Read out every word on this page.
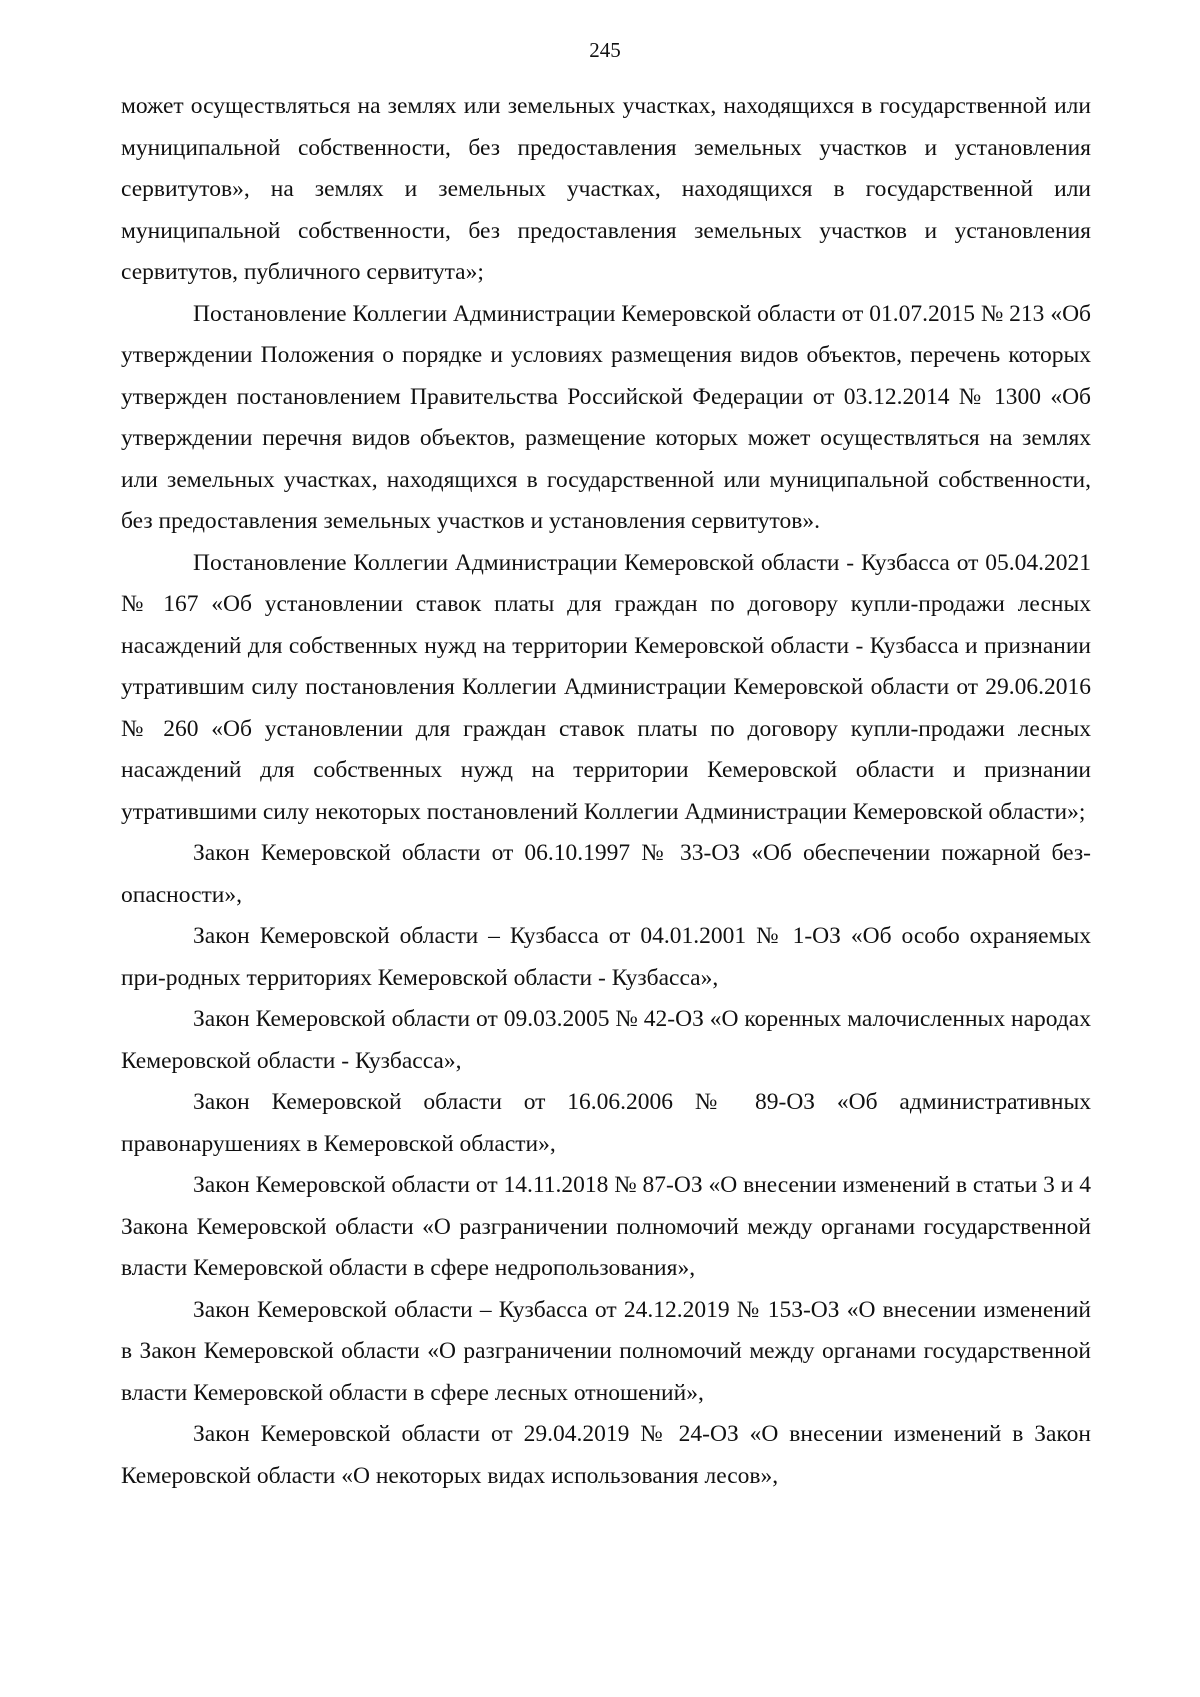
245

может осуществляться на землях или земельных участках, находящихся в государственной или муниципальной собственности, без предоставления земельных участков и установления сервитутов», на землях и земельных участках, находящихся в государственной или муниципальной собственности, без предоставления земельных участков и установления сервитутов, публичного сервитута»;

Постановление Коллегии Администрации Кемеровской области от 01.07.2015 № 213 «Об утверждении Положения о порядке и условиях размещения видов объектов, перечень которых утвержден постановлением Правительства Российской Федерации от 03.12.2014 № 1300 «Об утверждении перечня видов объектов, размещение которых может осуществляться на землях или земельных участках, находящихся в государственной или муниципальной собственности, без предоставления земельных участков и установления сервитутов».

Постановление Коллегии Администрации Кемеровской области - Кузбасса от 05.04.2021 № 167 «Об установлении ставок платы для граждан по договору купли-продажи лесных насаждений для собственных нужд на территории Кемеровской области - Кузбасса и признании утратившим силу постановления Коллегии Администрации Кемеровской области от 29.06.2016 № 260 «Об установлении для граждан ставок платы по договору купли-продажи лесных насаждений для собственных нужд на территории Кемеровской области и признании утратившими силу некоторых постановлений Коллегии Администрации Кемеровской области»;

Закон Кемеровской области от 06.10.1997 № 33-ОЗ «Об обеспечении пожарной без-опасности»,

Закон Кемеровской области – Кузбасса от 04.01.2001 № 1-ОЗ «Об особо охраняемых при-родных территориях Кемеровской области - Кузбасса»,

Закон Кемеровской области от 09.03.2005 № 42-ОЗ «О коренных малочисленных народах Кемеровской области - Кузбасса»,

Закон Кемеровской области от 16.06.2006 № 89-ОЗ «Об административных правонарушениях в Кемеровской области»,

Закон Кемеровской области от 14.11.2018 № 87-ОЗ «О внесении изменений в статьи 3 и 4 Закона Кемеровской области «О разграничении полномочий между органами государственной власти Кемеровской области в сфере недропользования»,

Закон Кемеровской области – Кузбасса от 24.12.2019 № 153-ОЗ «О внесении изменений в Закон Кемеровской области «О разграничении полномочий между органами государственной власти Кемеровской области в сфере лесных отношений»,

Закон Кемеровской области от 29.04.2019 № 24-ОЗ «О внесении изменений в Закон Кемеровской области «О некоторых видах использования лесов»,
